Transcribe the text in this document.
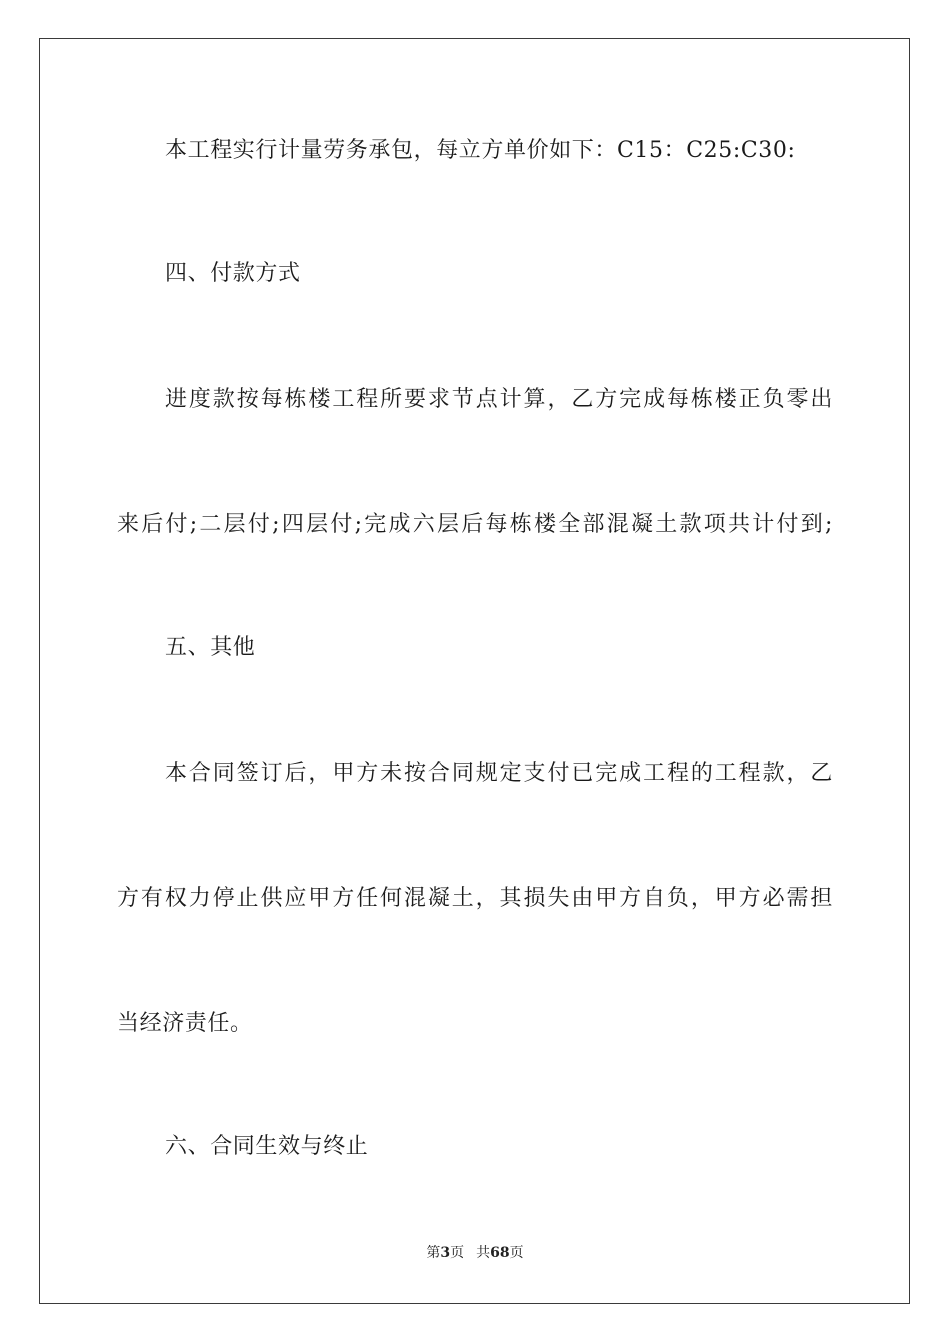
本工程实行计量劳务承包，每立方单价如下：C15：C25:C30:
四、付款方式
进度款按每栋楼工程所要求节点计算，乙方完成每栋楼正负零出
来后付;二层付;四层付;完成六层后每栋楼全部混凝土款项共计付到;
五、其他
本合同签订后，甲方未按合同规定支付已完成工程的工程款，乙
方有权力停止供应甲方任何混凝土，其损失由甲方自负，甲方必需担
当经济责任。
六、合同生效与终止
第3页 共68页
